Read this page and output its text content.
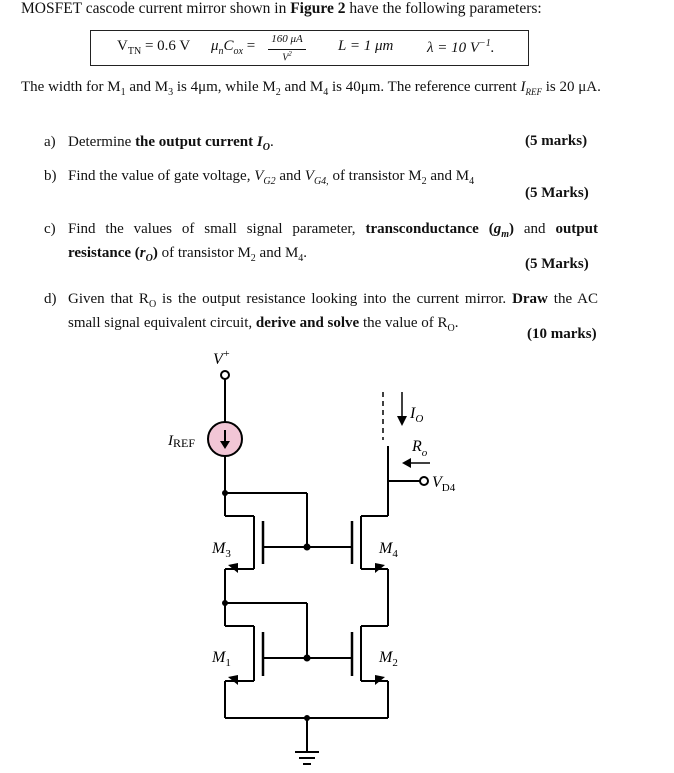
MOSFET cascode current mirror shown in Figure 2 have the following parameters:
$V_{TN} = 0.6$ V $\mu_nC_{ox}$ =	160 μA
$V^2$	L = 1 μm λ = 10 $V^{-1}$.
The width for $M_1$ and $M_3$ is 4μm, while $M_2$ and $M_4$ is 40μm. The reference current $I_{REF}$ is 20 μA.
a) Determine the output current $I_O$.	(5 marks)
b) Find the value of gate voltage, $V_{G2}$ and $V_{G4,}$ of transistor $M_2$ and $M_4$
(5 Marks)
c) Find the values of small signal parameter, transconductance $(g_m)$ and output resistance $(r_O)$ of transistor $M_2$ and $M_4$.
(5 Marks)
d) Given that $R_O$ is the output resistance looking into the current mirror. Draw the AC small signal equivalent circuit, derive and solve the value of $R_O$.
(10 marks)
V+
IREF
$I_O$
$R_o$
$V_{D4}$
$M_3$	$M_4$
$M_1$	$M_2$
